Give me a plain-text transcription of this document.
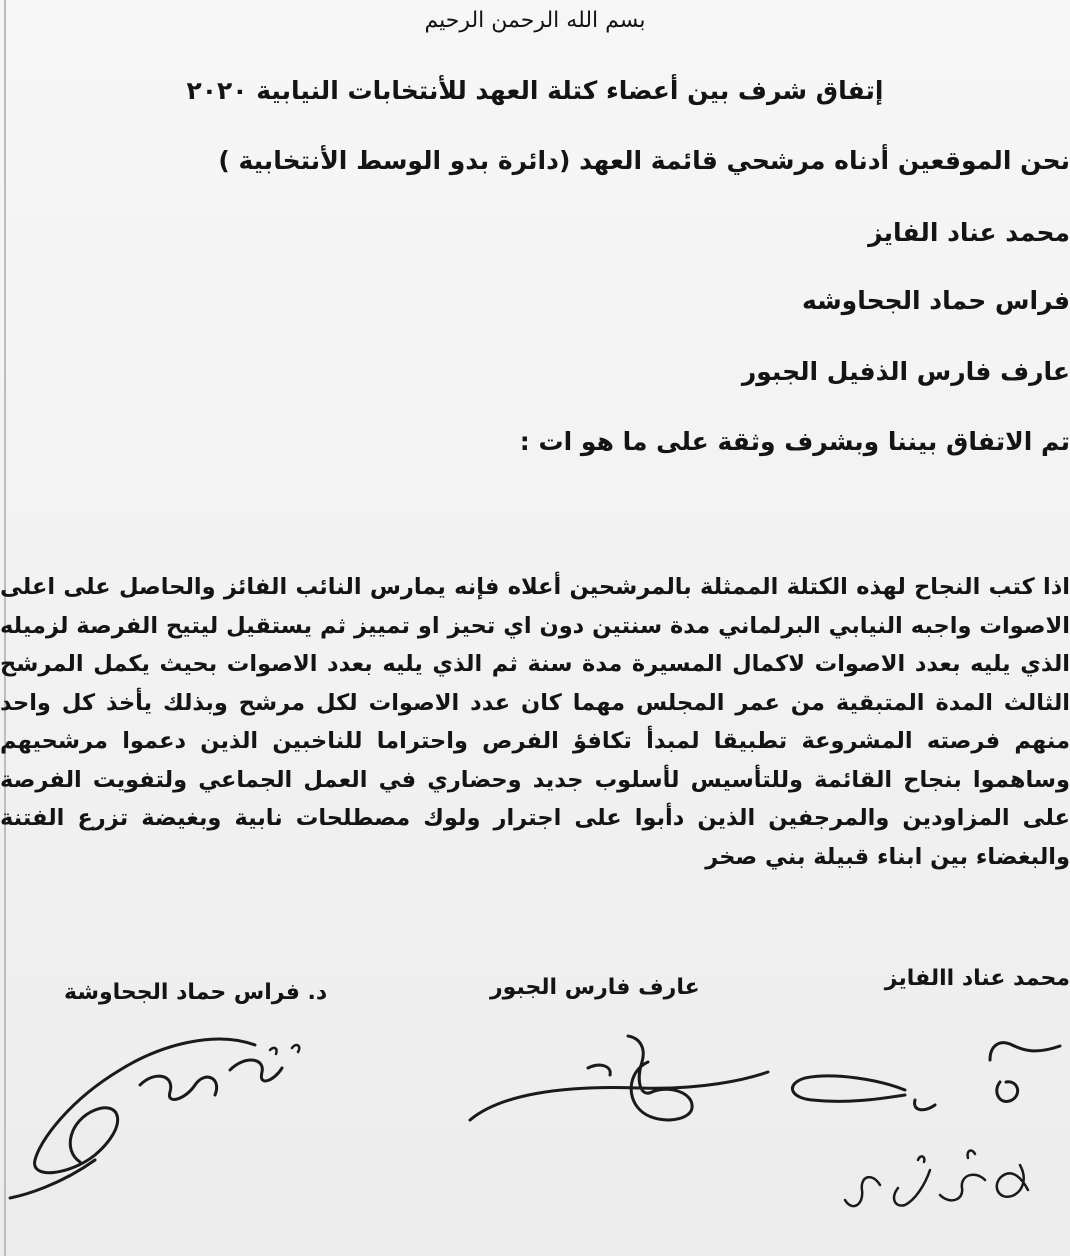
بسم الله الرحمن الرحيم
إتفاق شرف بين أعضاء كتلة العهد للأنتخابات النيابية ٢٠٢٠
نحن الموقعين أدناه مرشحي قائمة العهد (دائرة بدو الوسط الأنتخابية )
محمد عناد الفايز
فراس حماد الجحاوشه
عارف فارس الذفيل الجبور
تم الاتفاق بيننا وبشرف وثقة على ما هو ات :
اذا كتب النجاح لهذه الكتلة الممثلة بالمرشحين أعلاه فإنه يمارس النائب الفائز والحاصل على اعلى الاصوات واجبه النيابي البرلماني مدة سنتين دون اي تحيز او تمييز ثم يستقيل ليتيح الفرصة لزميله الذي يليه بعدد الاصوات لاكمال المسيرة مدة سنة ثم الذي يليه بعدد الاصوات بحيث يكمل المرشح الثالث المدة المتبقية من عمر المجلس مهما كان عدد الاصوات لكل مرشح وبذلك يأخذ كل واحد منهم فرصته المشروعة تطبيقا لمبدأ تكافؤ الفرص واحتراما للناخبين الذين دعموا مرشحيهم وساهموا بنجاح القائمة وللتأسيس لأسلوب جديد وحضاري في العمل الجماعي ولتفويت الفرصة على المزاودين والمرجفين الذين دأبوا على اجترار ولوك مصطلحات نابية وبغيضة تزرع الفتنة والبغضاء بين ابناء قبيلة بني صخر
محمد عناد االفايز
عارف فارس الجبور
د. فراس حماد الجحاوشة
